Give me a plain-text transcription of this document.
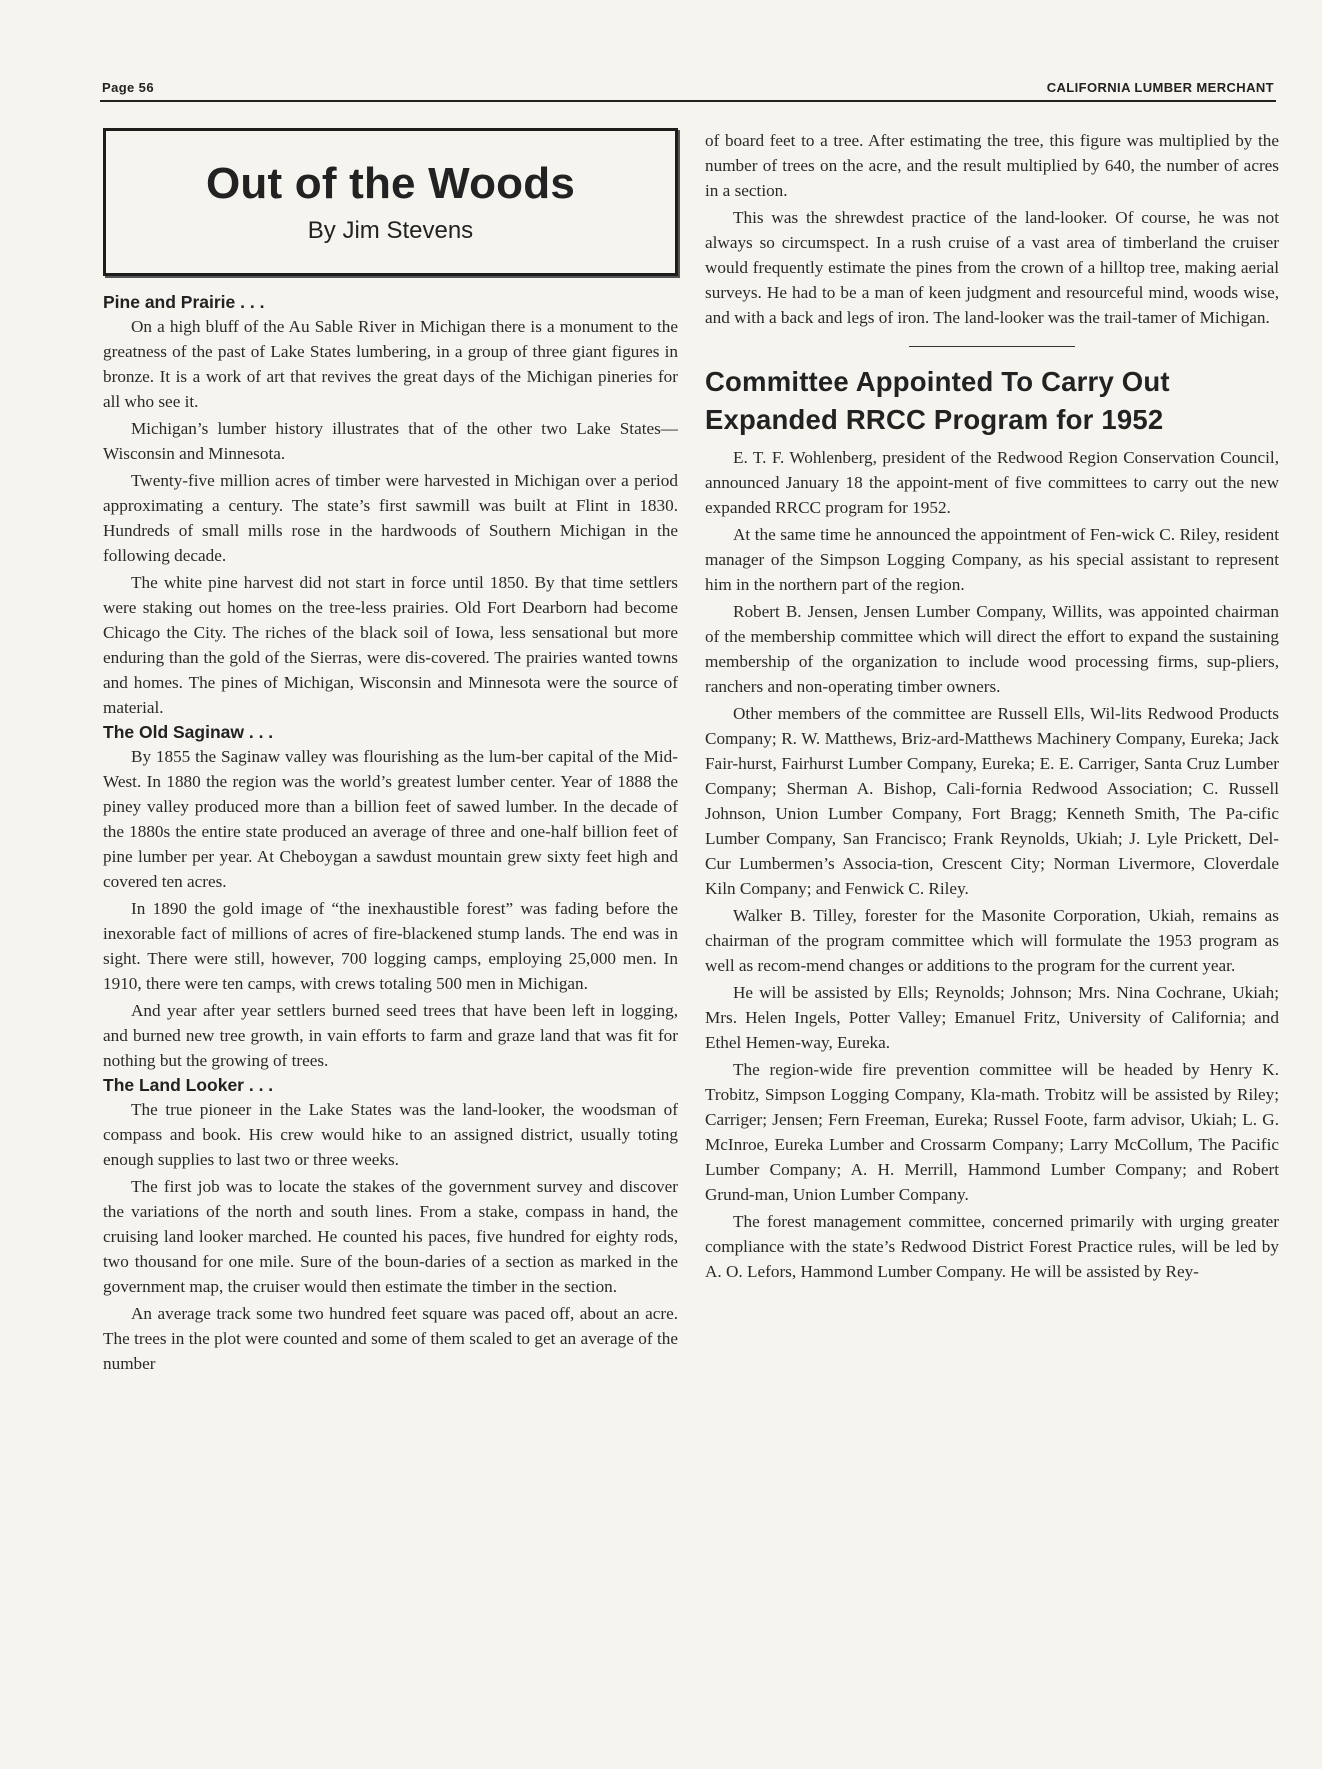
Page 56	CALIFORNIA LUMBER MERCHANT
Out of the Woods
By Jim Stevens
Pine and Prairie . . .

On a high bluff of the Au Sable River in Michigan there is a monument to the greatness of the past of Lake States lumbering, in a group of three giant figures in bronze. It is a work of art that revives the great days of the Michigan pineries for all who see it.

Michigan’s lumber history illustrates that of the other two Lake States—Wisconsin and Minnesota.

Twenty-five million acres of timber were harvested in Michigan over a period approximating a century. The state’s first sawmill was built at Flint in 1830. Hundreds of small mills rose in the hardwoods of Southern Michigan in the following decade.

The white pine harvest did not start in force until 1850. By that time settlers were staking out homes on the tree-less prairies. Old Fort Dearborn had become Chicago the City. The riches of the black soil of Iowa, less sensational but more enduring than the gold of the Sierras, were dis-covered. The prairies wanted towns and homes. The pines of Michigan, Wisconsin and Minnesota were the source of material.

The Old Saginaw . . .

By 1855 the Saginaw valley was flourishing as the lum-ber capital of the Mid-West. In 1880 the region was the world’s greatest lumber center. Year of 1888 the piney valley produced more than a billion feet of sawed lumber. In the decade of the 1880s the entire state produced an average of three and one-half billion feet of pine lumber per year. At Cheboygan a sawdust mountain grew sixty feet high and covered ten acres.

In 1890 the gold image of “the inexhaustible forest” was fading before the inexorable fact of millions of acres of fire-blackened stump lands. The end was in sight. There were still, however, 700 logging camps, employing 25,000 men. In 1910, there were ten camps, with crews totaling 500 men in Michigan.

And year after year settlers burned seed trees that have been left in logging, and burned new tree growth, in vain efforts to farm and graze land that was fit for nothing but the growing of trees.

The Land Looker . . .

The true pioneer in the Lake States was the land-looker, the woodsman of compass and book. His crew would hike to an assigned district, usually toting enough supplies to last two or three weeks.

The first job was to locate the stakes of the government survey and discover the variations of the north and south lines. From a stake, compass in hand, the cruising land looker marched. He counted his paces, five hundred for eighty rods, two thousand for one mile. Sure of the boun-daries of a section as marked in the government map, the cruiser would then estimate the timber in the section.

An average track some two hundred feet square was paced off, about an acre. The trees in the plot were counted and some of them scaled to get an average of the number

of board feet to a tree. After estimating the tree, this figure was multiplied by the number of trees on the acre, and the result multiplied by 640, the number of acres in a section.

This was the shrewdest practice of the land-looker. Of course, he was not always so circumspect. In a rush cruise of a vast area of timberland the cruiser would frequently estimate the pines from the crown of a hilltop tree, making aerial surveys. He had to be a man of keen judgment and resourceful mind, woods wise, and with a back and legs of iron. The land-looker was the trail-tamer of Michigan.

Committee Appointed To Carry Out Expanded RRCC Program for 1952

E. T. F. Wohlenberg, president of the Redwood Region Conservation Council, announced January 18 the appoint-ment of five committees to carry out the new expanded RRCC program for 1952.

At the same time he announced the appointment of Fen-wick C. Riley, resident manager of the Simpson Logging Company, as his special assistant to represent him in the northern part of the region.

Robert B. Jensen, Jensen Lumber Company, Willits, was appointed chairman of the membership committee which will direct the effort to expand the sustaining membership of the organization to include wood processing firms, sup-pliers, ranchers and non-operating timber owners.

Other members of the committee are Russell Ells, Wil-lits Redwood Products Company; R. W. Matthews, Briz-ard-Matthews Machinery Company, Eureka; Jack Fair-hurst, Fairhurst Lumber Company, Eureka; E. E. Carriger, Santa Cruz Lumber Company; Sherman A. Bishop, Cali-fornia Redwood Association; C. Russell Johnson, Union Lumber Company, Fort Bragg; Kenneth Smith, The Pa-cific Lumber Company, San Francisco; Frank Reynolds, Ukiah; J. Lyle Prickett, Del-Cur Lumbermen’s Associa-tion, Crescent City; Norman Livermore, Cloverdale Kiln Company; and Fenwick C. Riley.

Walker B. Tilley, forester for the Masonite Corporation, Ukiah, remains as chairman of the program committee which will formulate the 1953 program as well as recom-mend changes or additions to the program for the current year.

He will be assisted by Ells; Reynolds; Johnson; Mrs. Nina Cochrane, Ukiah; Mrs. Helen Ingels, Potter Valley; Emanuel Fritz, University of California; and Ethel Hemen-way, Eureka.

The region-wide fire prevention committee will be headed by Henry K. Trobitz, Simpson Logging Company, Kla-math. Trobitz will be assisted by Riley; Carriger; Jensen; Fern Freeman, Eureka; Russel Foote, farm advisor, Ukiah; L. G. McInroe, Eureka Lumber and Crossarm Company; Larry McCollum, The Pacific Lumber Company; A. H. Merrill, Hammond Lumber Company; and Robert Grund-man, Union Lumber Company.

The forest management committee, concerned primarily with urging greater compliance with the state’s Redwood District Forest Practice rules, will be led by A. O. Lefors, Hammond Lumber Company. He will be assisted by Rey-
